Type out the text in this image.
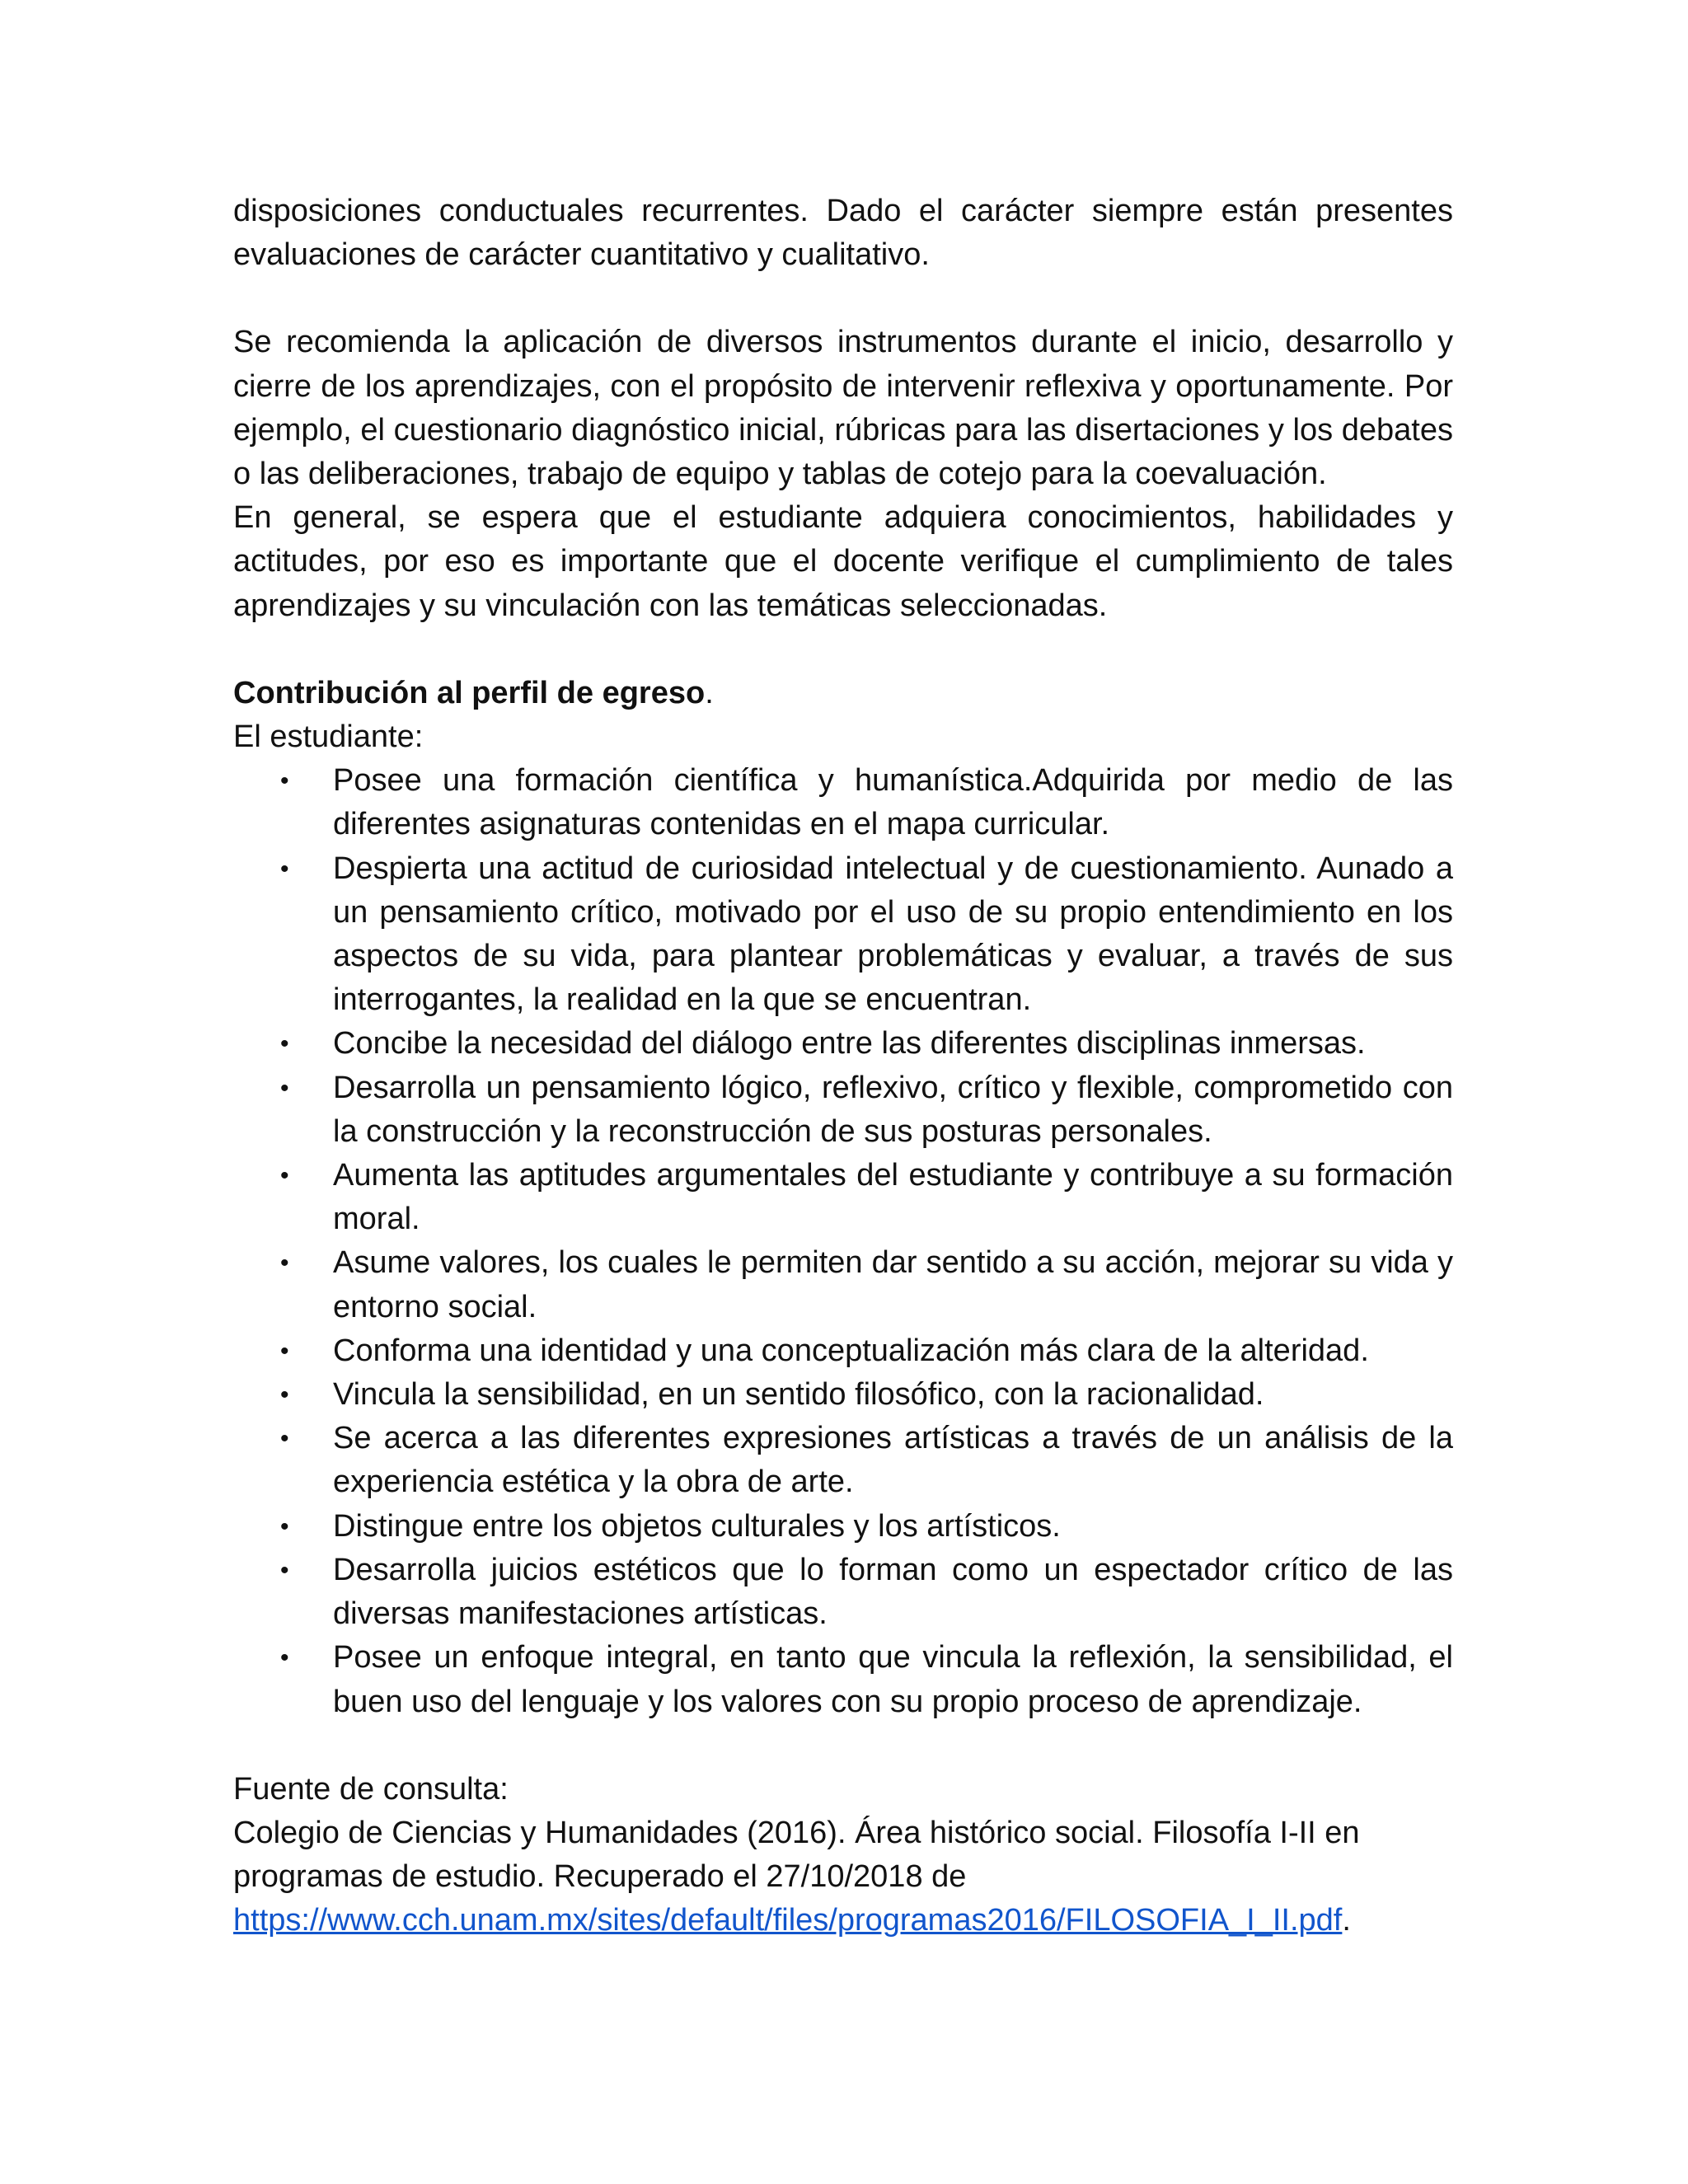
disposiciones conductuales recurrentes. Dado el carácter siempre están presentes evaluaciones de carácter cuantitativo y cualitativo.

Se recomienda la aplicación de diversos instrumentos durante el inicio, desarrollo y cierre de los aprendizajes, con el propósito de intervenir reflexiva y oportunamente. Por ejemplo, el cuestionario diagnóstico inicial, rúbricas para las disertaciones y los debates o las deliberaciones, trabajo de equipo y tablas de cotejo para la coevaluación.

En general, se espera que el estudiante adquiera conocimientos, habilidades y actitudes, por eso es importante que el docente verifique el cumplimiento de tales aprendizajes y su vinculación con las temáticas seleccionadas.

Contribución al perfil de egreso.

El estudiante:

• Posee una formación científica y humanística.Adquirida por medio de las diferentes asignaturas contenidas en el mapa curricular.
• Despierta una actitud de curiosidad intelectual y de cuestionamiento. Aunado a un pensamiento crítico, motivado por el uso de su propio entendimiento en los aspectos de su vida, para plantear problemáticas y evaluar, a través de sus interrogantes, la realidad en la que se encuentran.
• Concibe la necesidad del diálogo entre las diferentes disciplinas inmersas.
• Desarrolla un pensamiento lógico, reflexivo, crítico y flexible, comprometido con la construcción y la reconstrucción de sus posturas personales.
• Aumenta las aptitudes argumentales del estudiante y contribuye a su formación moral.
• Asume valores, los cuales le permiten dar sentido a su acción, mejorar su vida y entorno social.
• Conforma una identidad y una conceptualización más clara de la alteridad.
• Vincula la sensibilidad, en un sentido filosófico, con la racionalidad.
• Se acerca a las diferentes expresiones artísticas a través de un análisis de la experiencia estética y la obra de arte.
• Distingue entre los objetos culturales y los artísticos.
• Desarrolla juicios estéticos que lo forman como un espectador crítico de las diversas manifestaciones artísticas.
• Posee un enfoque integral, en tanto que vincula la reflexión, la sensibilidad, el buen uso del lenguaje y los valores con su propio proceso de aprendizaje.

Fuente de consulta:

Colegio de Ciencias y Humanidades (2016). Área histórico social. Filosofía I-II en

programas de estudio. Recuperado el 27/10/2018 de

https://www.cch.unam.mx/sites/default/files/programas2016/FILOSOFIA_I_II.pdf.
